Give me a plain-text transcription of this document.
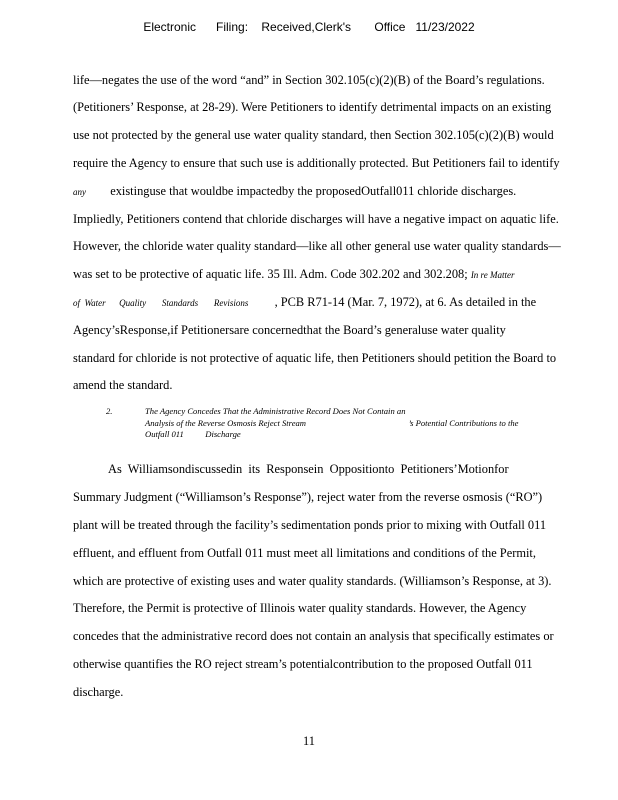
Electronic      Filing:    Received,Clerk's       Office   11/23/2022
life—negates the use of the word “and” in Section 302.105(c)(2)(B) of the Board’s regulations.
(Petitioners’ Response, at 28-29). Were Petitioners to identify detrimental impacts on an existing
use not protected by the general use water quality standard, then Section 302.105(c)(2)(B) would
require the Agency to ensure that such use is additionally protected. But Petitioners fail to identify
any existinguse that wouldbe impactedby the proposedOutfall011 chloride discharges.
Impliedly, Petitioners contend that chloride discharges will have a negative impact on aquatic life.
However, the chloride water quality standard—like all other general use water quality standards—
was set to be protective of aquatic life. 35 Ill. Adm. Code 302.202 and 302.208; In re Matter
of  Water      Quality       Standards       Revisions , PCB R71-14 (Mar. 7, 1972), at 6. As detailed in the
Agency’sResponse,if Petitionersare concernedthat the Board’s generaluse water quality
standard for chloride is not protective of aquatic life, then Petitioners should petition the Board to
amend the standard.
2.	The Agency Concedes That the Administrative Record Does Not Contain an
Analysis of the Reverse Osmosis Reject Stream	’s Potential Contributions to the
Outfall 011          Discharge
As  Williamsondiscussedin  its  Responsein  Oppositionto  Petitioners’Motionfor
Summary Judgment (“Williamson’s Response”), reject water from the reverse osmosis (“RO”)
plant will be treated through the facility’s sedimentation ponds prior to mixing with Outfall 011
effluent, and effluent from Outfall 011 must meet all limitations and conditions of the Permit,
which are protective of existing uses and water quality standards. (Williamson’s Response, at 3).
Therefore, the Permit is protective of Illinois water quality standards. However, the Agency
concedes that the administrative record does not contain an analysis that specifically estimates or
otherwise quantifies the RO reject stream’s potentialcontribution to the proposed Outfall 011
discharge.
11
